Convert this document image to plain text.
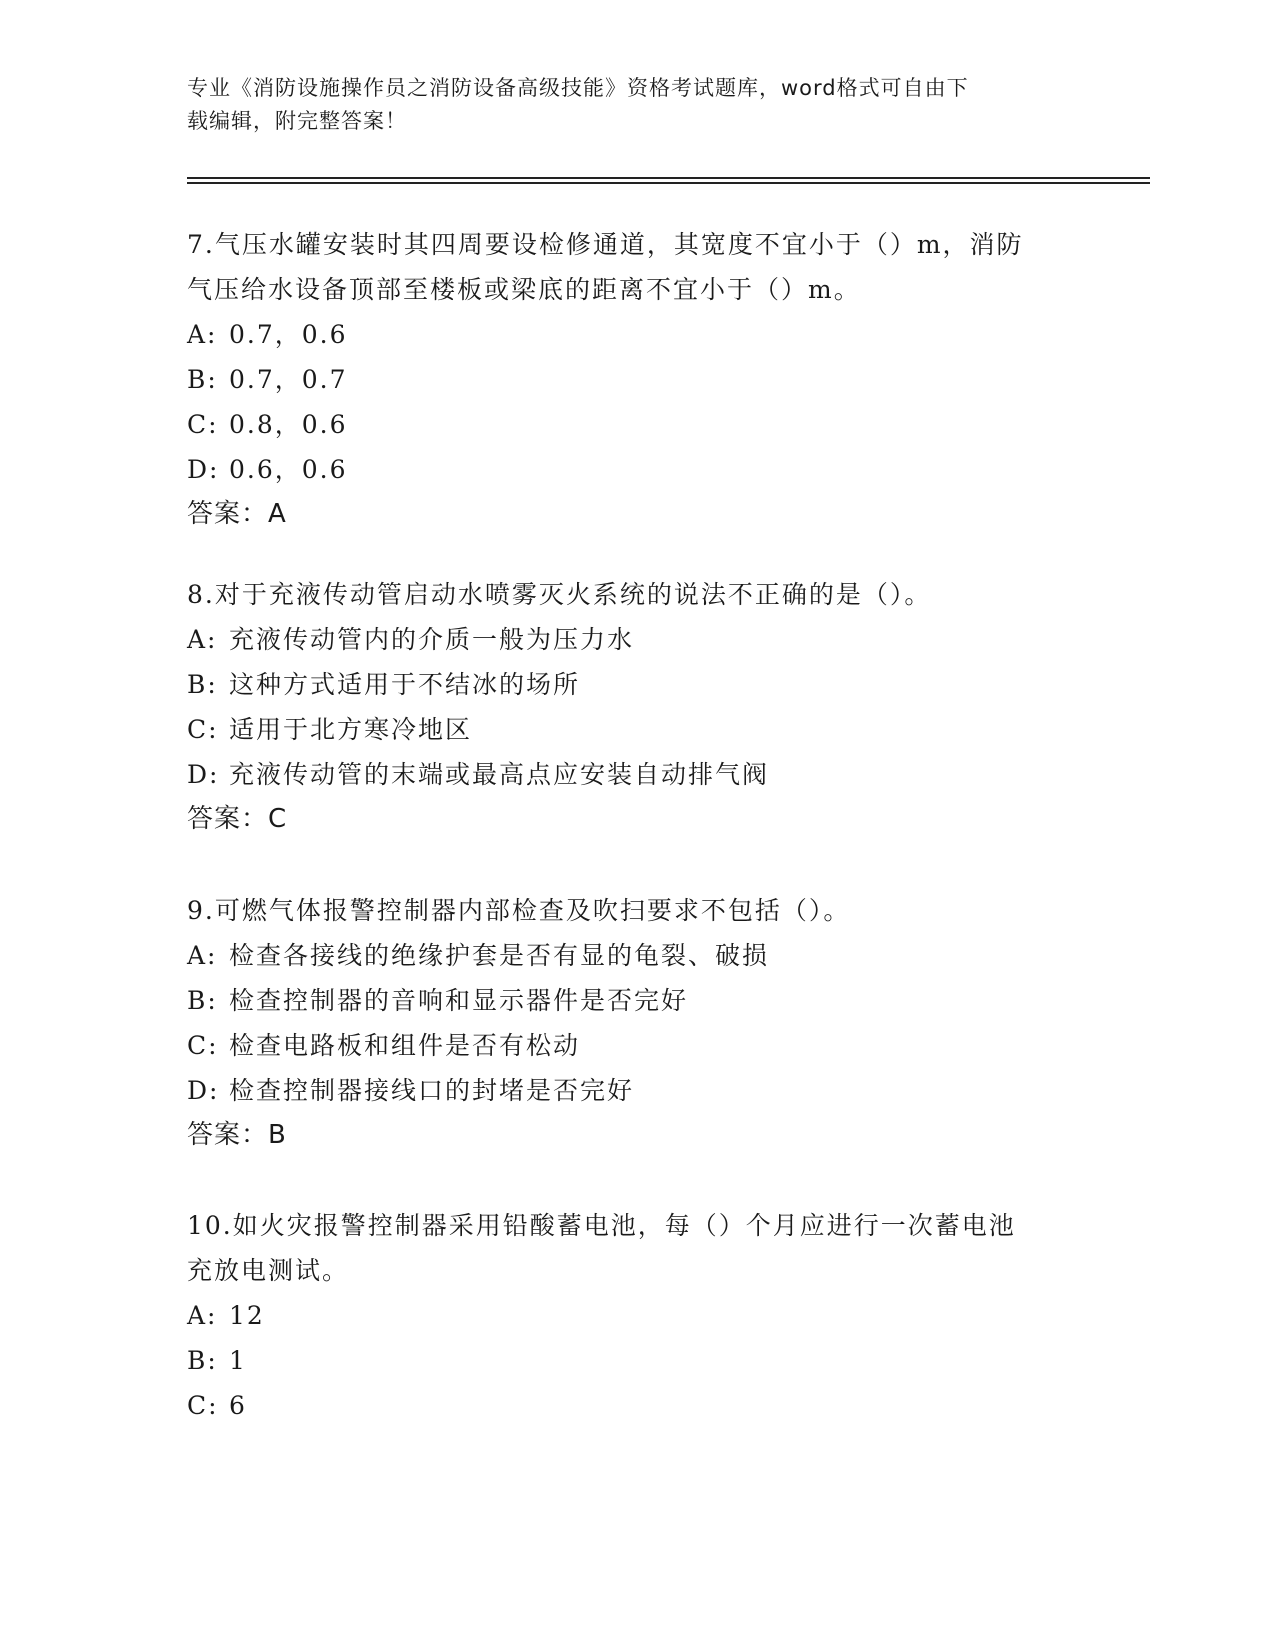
专业《消防设施操作员之消防设备高级技能》资格考试题库，word格式可自由下
载编辑，附完整答案！

7.气压水罐安装时其四周要设检修通道，其宽度不宜小于（）m，消防

气压给水设备顶部至楼板或梁底的距离不宜小于（）m。

A: 0.7，0.6

B: 0.7，0.7

C: 0.8，0.6

D: 0.6，0.6

答案：A

8.对于充液传动管启动水喷雾灭火系统的说法不正确的是（）。

A: 充液传动管内的介质一般为压力水

B: 这种方式适用于不结冰的场所

C: 适用于北方寒冷地区

D: 充液传动管的末端或最高点应安装自动排气阀

答案：C

9.可燃气体报警控制器内部检查及吹扫要求不包括（）。

A: 检查各接线的绝缘护套是否有显的龟裂、破损

B: 检查控制器的音响和显示器件是否完好

C: 检查电路板和组件是否有松动

D: 检查控制器接线口的封堵是否完好

答案：B

10.如火灾报警控制器采用铅酸蓄电池，每（）个月应进行一次蓄电池

充放电测试。

A: 12

B: 1

C: 6
